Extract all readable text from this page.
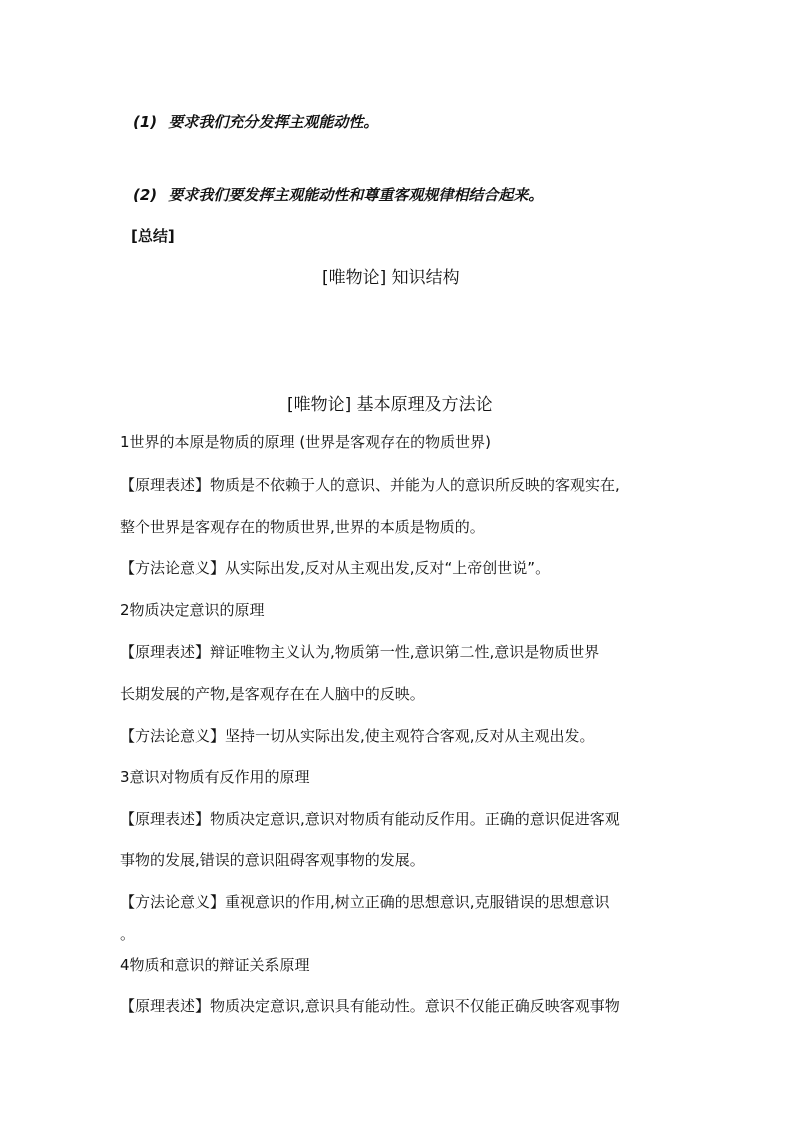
(1) 要求我们充分发挥主观能动性。
(2) 要求我们要发挥主观能动性和尊重客观规律相结合起来。
[总结]
[唯物论] 知识结构
[唯物论] 基本原理及方法论
1世界的本原是物质的原理 (世界是客观存在的物质世界)
【原理表述】物质是不依赖于人的意识、并能为人的意识所反映的客观实在,
整个世界是客观存在的物质世界,世界的本质是物质的。
【方法论意义】从实际出发,反对从主观出发,反对“上帝创世说”。
2物质决定意识的原理
【原理表述】辩证唯物主义认为,物质第一性,意识第二性,意识是物质世界
长期发展的产物,是客观存在在人脑中的反映。
【方法论意义】坚持一切从实际出发,使主观符合客观,反对从主观出发。
3意识对物质有反作用的原理
【原理表述】物质决定意识,意识对物质有能动反作用。正确的意识促进客观
事物的发展,错误的意识阻碍客观事物的发展。
【方法论意义】重视意识的作用,树立正确的思想意识,克服错误的思想意识
。
4物质和意识的辩证关系原理
【原理表述】物质决定意识,意识具有能动性。意识不仅能正确反映客观事物
